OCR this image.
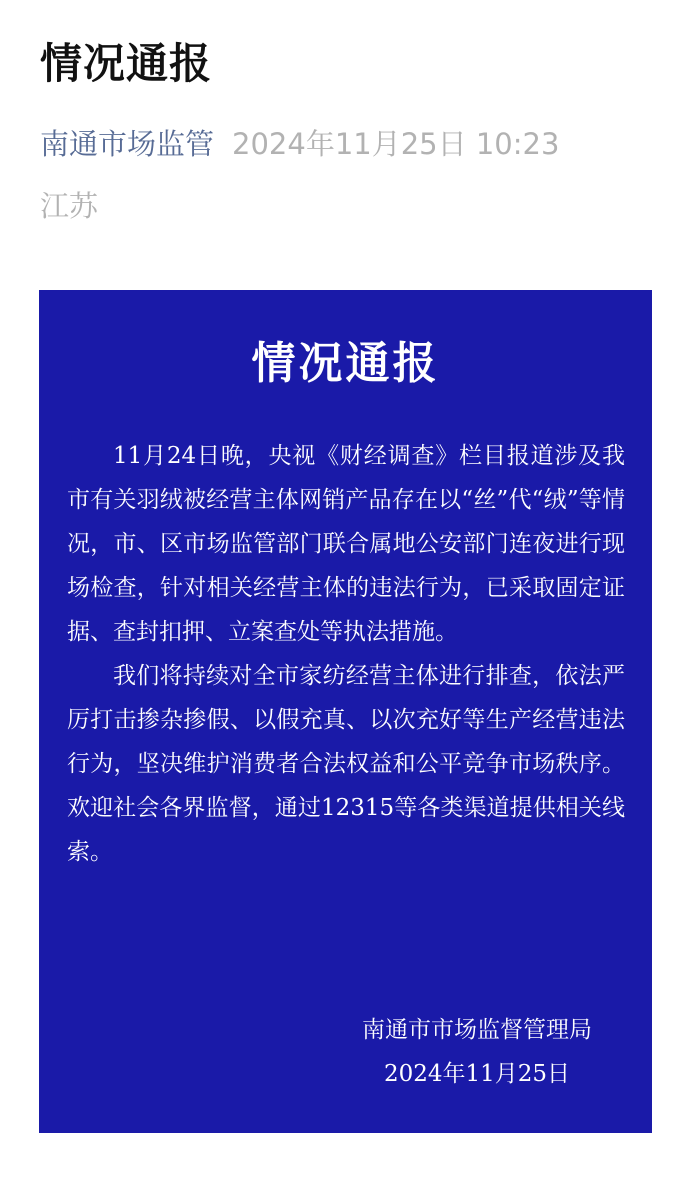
情况通报
南通市场监管 2024年11月25日 10:23
江苏
情况通报

11月24日晚，央视《财经调查》栏目报道涉及我市有关羽绒被经营主体网销产品存在以“丝”代“绒”等情况，市、区市场监管部门联合属地公安部门连夜进行现场检查，针对相关经营主体的违法行为，已采取固定证据、查封扣押、立案查处等执法措施。

我们将持续对全市家纺经营主体进行排查，依法严厉打击掺杂掺假、以假充真、以次充好等生产经营违法行为，坚决维护消费者合法权益和公平竞争市场秩序。欢迎社会各界监督，通过12315等各类渠道提供相关线索。

南通市市场监督管理局
2024年11月25日
